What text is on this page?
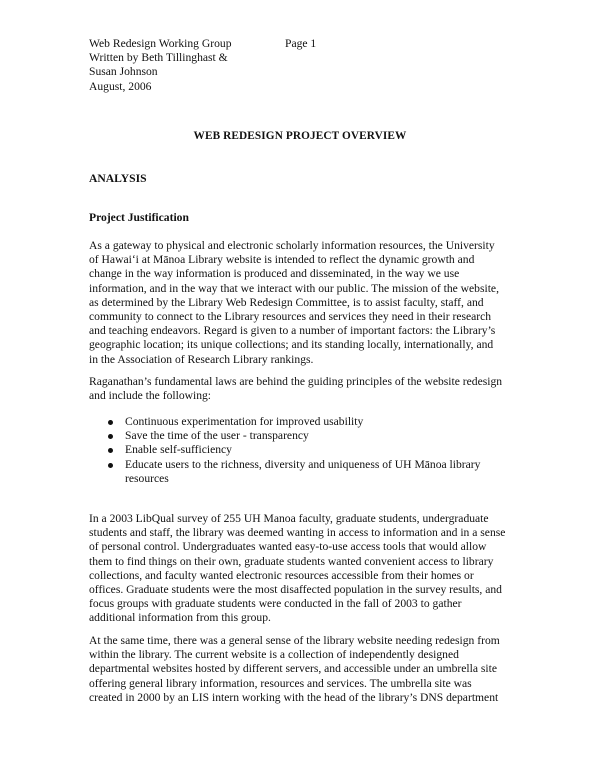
Web Redesign Working Group
Written by Beth Tillinghast &
Susan Johnson
August, 2006
Page 1
WEB REDESIGN PROJECT OVERVIEW
ANALYSIS
Project Justification
As a gateway to physical and electronic scholarly information resources, the University
of Hawai‘i at Mānoa Library website is intended to reflect the dynamic growth and
change in the way information is produced and disseminated, in the way we use
information, and in the way that we interact with our public. The mission of the website,
as determined by the Library Web Redesign Committee, is to assist faculty, staff, and
community to connect to the Library resources and services they need in their research
and teaching endeavors. Regard is given to a number of important factors: the Library’s
geographic location; its unique collections; and its standing locally, internationally, and
in the Association of Research Library rankings.
Raganathan’s fundamental laws are behind the guiding principles of the website redesign
and include the following:
Continuous experimentation for improved usability
Save the time of the user - transparency
Enable self-sufficiency
Educate users to the richness, diversity and uniqueness of UH Mānoa library
resources
In a 2003 LibQual survey of 255 UH Manoa faculty, graduate students, undergraduate
students and staff, the library was deemed wanting in access to information and in a sense
of personal control. Undergraduates wanted easy-to-use access tools that would allow
them to find things on their own, graduate students wanted convenient access to library
collections, and faculty wanted electronic resources accessible from their homes or
offices. Graduate students were the most disaffected population in the survey results, and
focus groups with graduate students were conducted in the fall of 2003 to gather
additional information from this group.
At the same time, there was a general sense of the library website needing redesign from
within the library. The current website is a collection of independently designed
departmental websites hosted by different servers, and accessible under an umbrella site
offering general library information, resources and services. The umbrella site was
created in 2000 by an LIS intern working with the head of the library’s DNS department
